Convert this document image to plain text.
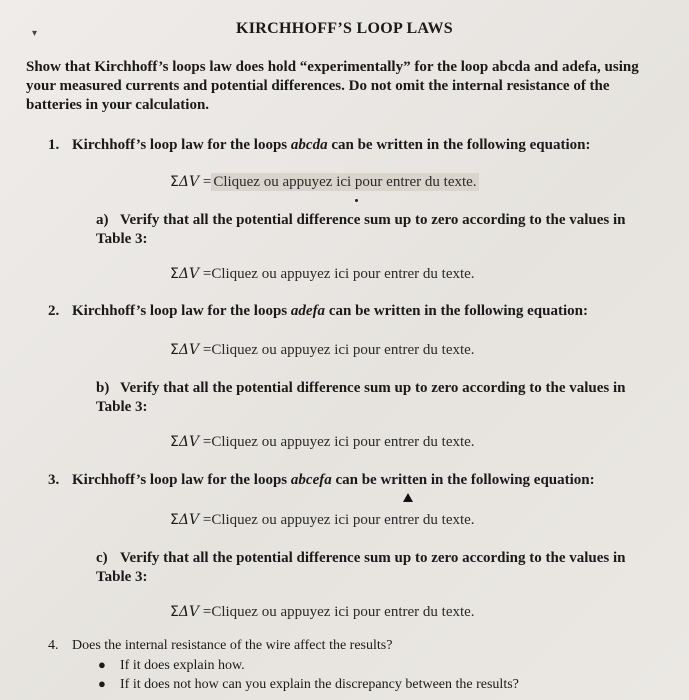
▾	KIRCHHOFF’S LOOP LAWS
Show that Kirchhoff’s loops law does hold “experimentally” for the loop abcda and adefa, using your measured currents and potential differences. Do not omit the internal resistance of the batteries in your calculation.
1. Kirchhoff’s loop law for the loops abcda can be written in the following equation:
ΣΔV = Cliquez ou appuyez ici pour entrer du texte.
a) Verify that all the potential difference sum up to zero according to the values in Table 3:
ΣΔV =Cliquez ou appuyez ici pour entrer du texte.
2. Kirchhoff’s loop law for the loops adefa can be written in the following equation:
ΣΔV =Cliquez ou appuyez ici pour entrer du texte.
b) Verify that all the potential difference sum up to zero according to the values in Table 3:
ΣΔV =Cliquez ou appuyez ici pour entrer du texte.
3. Kirchhoff’s loop law for the loops abcefa can be written in the following equation:
ΣΔV =Cliquez ou appuyez ici pour entrer du texte.
c) Verify that all the potential difference sum up to zero according to the values in Table 3:
ΣΔV =Cliquez ou appuyez ici pour entrer du texte.
4. Does the internal resistance of the wire affect the results?
● If it does explain how.
● If it does not how can you explain the discrepancy between the results?
